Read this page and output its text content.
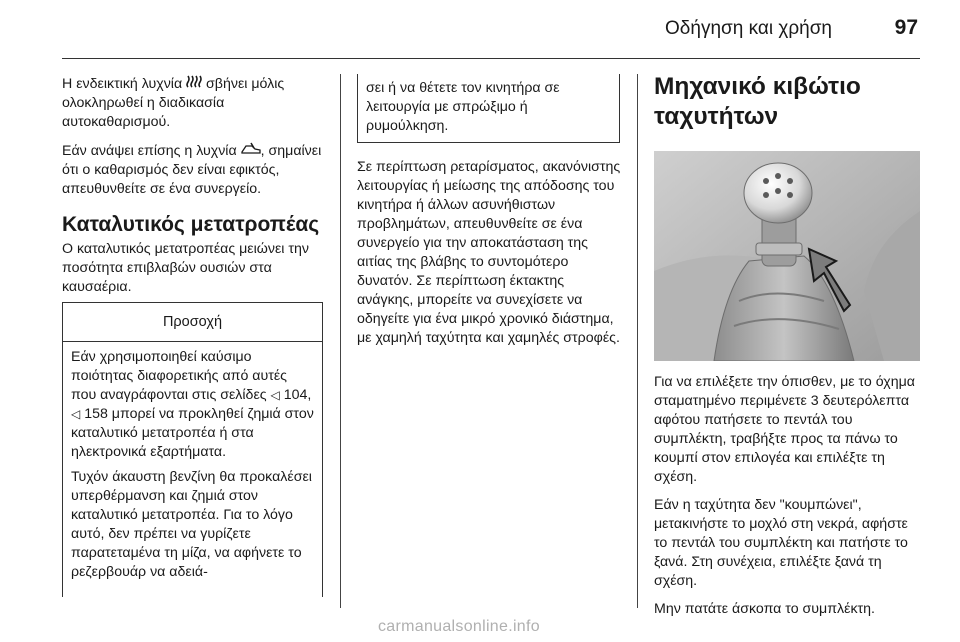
Οδήγηση και χρήση	97

Η ενδεικτική λυχνία  σβήνει μόλις ολοκληρωθεί η διαδικασία αυτοκαθαρισμού.

Εάν ανάψει επίσης η λυχνία , σημαίνει ότι ο καθαρισμός δεν είναι εφικτός, απευθυνθείτε σε ένα συνεργείο.

Καταλυτικός μετατροπέας
Ο καταλυτικός μετατροπέας μειώνει την ποσότητα επιβλαβών ουσιών στα καυσαέρια.
Προσοχή

Εάν χρησιμοποιηθεί καύσιμο ποιότητας διαφορετικής από αυτές που αναγράφονται στις σελίδες ◁ 104, ◁ 158 μπορεί να προκληθεί ζημιά στον καταλυτικό μετατροπέα ή στα ηλεκτρονικά εξαρτήματα.

Τυχόν άκαυστη βενζίνη θα προκαλέσει υπερθέρμανση και ζημιά στον καταλυτικό μετατροπέα. Για το λόγο αυτό, δεν πρέπει να γυρίζετε παρατεταμένα τη μίζα, να αφήνετε το ρεζερβουάρ να αδειά-

σει ή να θέτετε τον κινητήρα σε λειτουργία με σπρώξιμο ή ρυμούλκηση.

Σε περίπτωση ρεταρίσματος, ακανόνιστης λειτουργίας ή μείωσης της απόδοσης του κινητήρα ή άλλων ασυνήθιστων προβλημάτων, απευθυνθείτε σε ένα συνεργείο για την αποκατάσταση της αιτίας της βλάβης το συντομότερο δυνατόν. Σε περίπτωση έκτακτης ανάγκης, μπορείτε να συνεχίσετε να οδηγείτε για ένα μικρό χρονικό διάστημα, με χαμηλή ταχύτητα και χαμηλές στροφές.

Μηχανικό κιβώτιο ταχυτήτων

Για να επιλέξετε την όπισθεν, με το όχημα σταματημένο περιμένετε 3 δευτερόλεπτα αφότου πατήσετε το πεντάλ του συμπλέκτη, τραβήξτε προς τα πάνω το κουμπί στον επιλογέα και επιλέξτε τη σχέση.

Εάν η ταχύτητα δεν "κουμπώνει", μετακινήστε το μοχλό στη νεκρά, αφήστε το πεντάλ του συμπλέκτη και πατήστε το ξανά. Στη συνέχεια, επιλέξτε ξανά τη σχέση.

Μην πατάτε άσκοπα το συμπλέκτη.

carmanualsonline.info
